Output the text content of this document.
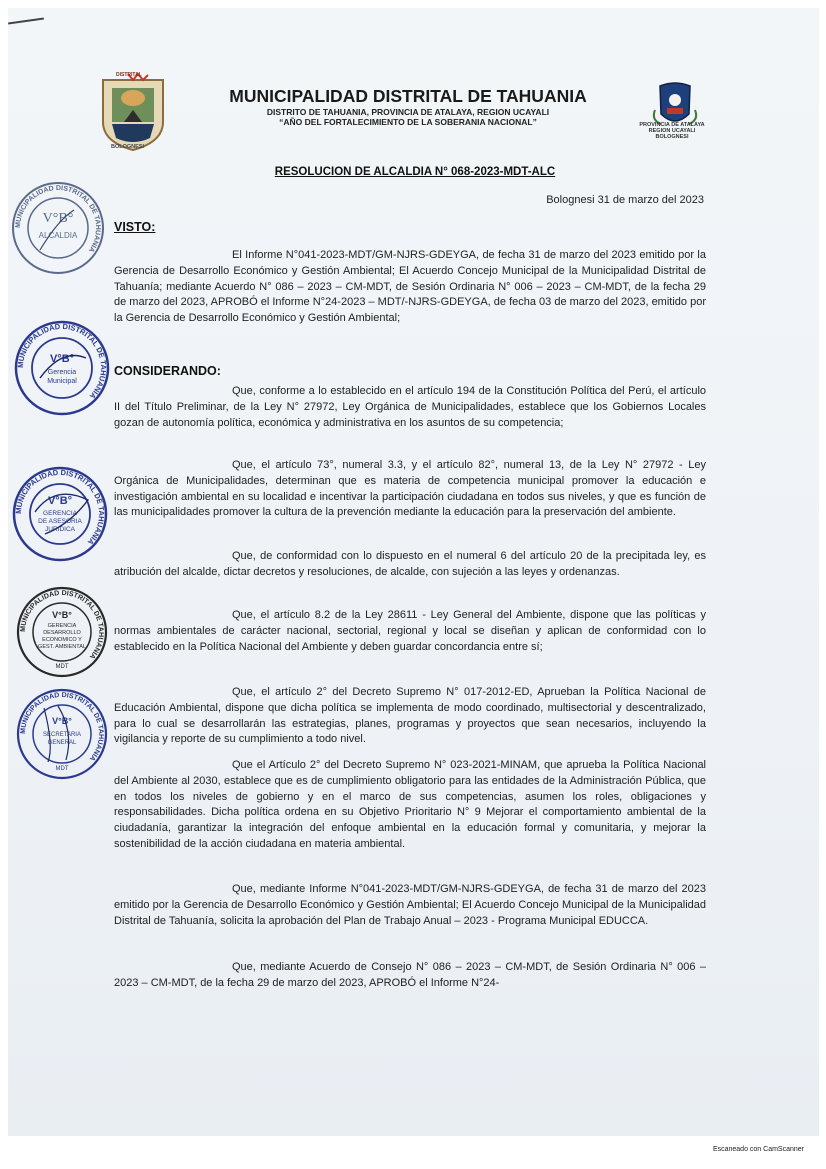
DISTRITAL
BOLOGNESI
PROVINCIA DE ATALAYA
REGION UCAYALI
BOLOGNESI
MUNICIPALIDAD DISTRITAL DE TAHUANIA
DISTRITO DE TAHUANIA, PROVINCIA DE ATALAYA, REGION UCAYALI
“AÑO DEL FORTALECIMIENTO DE LA SOBERANIA NACIONAL”
RESOLUCION DE ALCALDIA N° 068-2023-MDT-ALC
Bolognesi 31 de marzo del 2023
VISTO:
El Informe N°041-2023-MDT/GM-NJRS-GDEYGA, de fecha 31 de marzo del 2023 emitido por la Gerencia de Desarrollo Económico y Gestión Ambiental; El Acuerdo Concejo Municipal de la Municipalidad Distrital de Tahuanía; mediante Acuerdo N° 086 – 2023 – CM-MDT, de Sesión Ordinaria N° 006 – 2023 – CM-MDT, de la fecha 29 de marzo del 2023, APROBÓ el Informe N°24-2023 – MDT/-NJRS-GDEYGA, de fecha 03 de marzo del 2023, emitido por la Gerencia de Desarrollo Económico y Gestión Ambiental;
CONSIDERANDO:
Que, conforme a lo establecido en el artículo 194 de la Constitución Política del Perú, el artículo II del Título Preliminar, de la Ley N° 27972, Ley Orgánica de Municipalidades, establece que los Gobiernos Locales gozan de autonomía política, económica y administrativa en los asuntos de su competencia;
Que, el artículo 73°, numeral 3.3, y el artículo 82°, numeral 13, de la Ley N° 27972 - Ley Orgánica de Municipalidades, determinan que es materia de competencia municipal promover la educación e investigación ambiental en su localidad e incentivar la participación ciudadana en todos sus niveles, y que es función de las municipalidades promover la cultura de la prevención mediante la educación para la preservación del ambiente.
Que, de conformidad con lo dispuesto en el numeral 6 del artículo 20 de la precipitada ley, es atribución del alcalde, dictar decretos y resoluciones, de alcalde, con sujeción a las leyes y ordenanzas.
Que, el artículo 8.2 de la Ley 28611 - Ley General del Ambiente, dispone que las políticas y normas ambientales de carácter nacional, sectorial, regional y local se diseñan y aplican de conformidad con lo establecido en la Política Nacional del Ambiente y deben guardar concordancia entre sí;
Que, el artículo 2° del Decreto Supremo N° 017-2012-ED, Aprueban la Política Nacional de Educación Ambiental, dispone que dicha política se implementa de modo coordinado, multisectorial y descentralizado, para lo cual se desarrollarán las estrategias, planes, programas y proyectos que sean necesarios, incluyendo la vigilancia y reporte de su cumplimiento a todo nivel.
Que el Artículo 2° del Decreto Supremo N° 023-2021-MINAM, que aprueba la Política Nacional del Ambiente al 2030, establece que es de cumplimiento obligatorio para las entidades de la Administración Pública, que en todos los niveles de gobierno y en el marco de sus competencias, asumen los roles, obligaciones y responsabilidades. Dicha política ordena en su Objetivo Prioritario N° 9 Mejorar el comportamiento ambiental de la ciudadanía, garantizar la integración del enfoque ambiental en la educación formal y comunitaria, y mejorar la sostenibilidad de la acción ciudadana en materia ambiental.
Que, mediante Informe N°041-2023-MDT/GM-NJRS-GDEYGA, de fecha 31 de marzo del 2023 emitido por la Gerencia de Desarrollo Económico y Gestión Ambiental; El Acuerdo Concejo Municipal de la Municipalidad Distrital de Tahuanía, solicita la aprobación del Plan de Trabajo Anual – 2023 - Programa Municipal EDUCCA.
Que, mediante Acuerdo de Consejo N° 086 – 2023 – CM-MDT, de Sesión Ordinaria N° 006 – 2023 – CM-MDT, de la fecha 29 de marzo del 2023, APROBÓ el Informe N°24-
MUNICIPALIDAD DISTRITAL DE TAHUANIA
V°B°
ALCALDIA
MUNICIPALIDAD DISTRITAL DE TAHUANIA
V°B°
Gerencia
Municipal
MUNICIPALIDAD DISTRITAL DE TAHUANIA
V°B°
GERENCIA
DE ASESORIA
JURIDICA
MUNICIPALIDAD DISTRITAL DE TAHUANIA
V°B°
GERENCIA
DESARROLLO
ECONOMICO Y
GEST. AMBIENTAL
MDT
MUNICIPALIDAD DISTRITAL DE TAHUANIA
V°B°
SECRETARIA
GENERAL
MDT
Escaneado con CamScanner
